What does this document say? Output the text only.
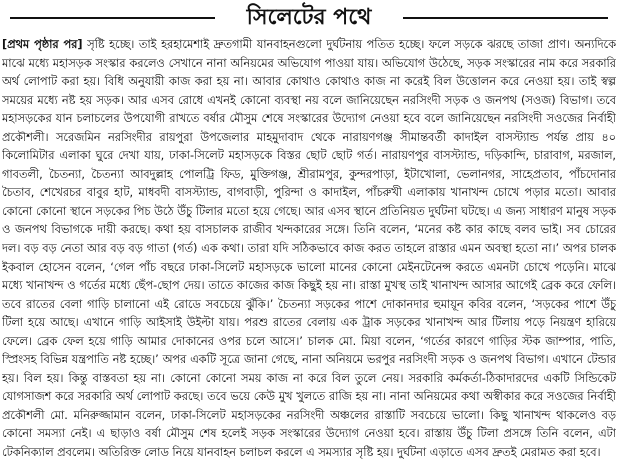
সিলেটের পথে
[প্রথম পৃষ্ঠার পর] সৃষ্টি হচ্ছে। তাই হরহামেশাই দ্রুতগামী যানবাহনগুলো দুর্ঘটনায় পতিত হচ্ছে। ফলে সড়কে ঝরছে তাজা প্রাণ। অন্যদিকে মাঝে মধ্যে মহাসড়ক সংস্কার করলেও সেখানে নানা অনিয়মের অভিযোগ পাওয়া যায়। অভিযোগ উঠেছে, সড়ক সংস্কারের নাম করে সরকারি অর্থ লোপাট করা হয়। বিধি অনুযায়ী কাজ করা হয় না। আবার কোথাও কোথাও কাজ না করেই বিল উত্তোলন করে নেওয়া হয়। তাই স্বল্প সময়ের মধ্যে নষ্ট হয় সড়ক। আর এসব রোধে এখনই কোনো ব্যবস্থা নয় বলে জানিয়েছেন নরসিংদী সড়ক ও জনপথ (সওজ) বিভাগ। তবে মহাসড়কের যান চলাচলের উপযোগী রাখতে বর্ষার মৌসুম শেষে সংস্কারের উদ্যোগ নেওয়া হবে বলে জানিয়েছেন নরসিংদী সওজের নির্বাহী প্রকৌশলী। সরেজমিন নরসিংদীর রায়পুরা উপজেলার মাহমুদাবাদ থেকে নারায়ণগঞ্জ সীমান্তবর্তী কাদাইল বাসস্ট্যান্ড পর্যন্ত প্রায় ৪০ কিলোমিটার এলাকা ঘুরে দেখা যায়, ঢাকা-সিলেট মহাসড়কে বিস্তর ছোট ছোট গর্ত। নারায়ণপুর বাসস্ট্যান্ড, দড়িকান্দি, চারাবাগ, মরজাল, গাবতলী, চৈতন্যা, চৈতন্যা আবদুল্লাহ পোলট্রি ফিড, মুক্তিগঞ্জ, শ্রীরামপুর, কুন্দরপাড়া, ইটাখোলা, ভেলানগর, সাহেপ্রতাব, পাঁচদোনার চৈতাব, শেখেরচর বাবুর হাট, মাধবদী বাসস্ট্যান্ড, বাগবাড়ী, পুরিন্দা ও কাদাইল, পাঁচরুখী এলাকায় খানাখন্দ চোখে পড়ার মতো। আবার কোনো কোনো স্থানে সড়কের পিচ উঠে উঁচু টিলার মতো হয়ে গেছে। আর এসব স্থানে প্রতিনিয়ত দুর্ঘটনা ঘটছে। এ জন্য সাধারণ মানুষ সড়ক ও জনপথ বিভাগকে দায়ী করছে। কথা হয় বাসচালক রাজীব খন্দকারের সঙ্গে। তিনি বলেন, ‘মনের কষ্ট কার কাছে বলব ভাই। সব চোরের দল। বড় বড় নেতা আর বড় বড় গাতা (গর্ত) এক কথা। তারা যদি সঠিকভাবে কাজ করত তাহলে রাস্তার এমন অবস্থা হতো না।’ অপর চালক ইকবাল হোসেন বলেন, ‘গেল পাঁচ বছরে ঢাকা-সিলেট মহাসড়কে ভালো মানের কোনো মেইনটেনেন্স করতে এমনটা চোখে পড়েনি। মাঝে মধ্যে খানাখন্দ ও গর্তের মধ্যে ছেঁপ-ছোপ দেয়। তাতে কাজের কাজ কিছুই হয় না। রাস্তা মুখস্থ তাই খানাখন্দ আসার আগেই ব্রেক করে ফেলি। তবে রাতের বেলা গাড়ি চালানো এই রোডে সবচেয়ে ঝুঁকি।’ চৈতন্যা সড়কের পাশে দোকানদার হুমায়ূন কবির বলেন, ‘সড়কের পাশে উঁচু টিলা হয়ে আছে। এখানে গাড়ি আইসাই উইল্টা যায়। পরশু রাতের বেলায় এক ট্রাক সড়কের খানাখন্দ আর টিলায় পড়ে নিয়ন্ত্রণ হারিয়ে ফেলে। ব্রেক ফেল হয়ে গাড়ি আমার দোকানের ওপর চলে আসে।’ চালক মো. মিয়া বলেন, ‘গর্তের কারণে গাড়ির স্টক জাম্পার, পাতি, স্প্রিংসহ বিভিন্ন যন্ত্রপাতি নষ্ট হচ্ছে।’ অপর একটি সূত্রে জানা গেছে, নানা অনিয়মে ভরপুর নরসিংদী সড়ক ও জনপথ বিভাগ। এখানে টেন্ডার হয়। বিল হয়। কিন্তু বাস্তবতা হয় না। কোনো কোনো সময় কাজ না করে বিল তুলে নেয়। সরকারি কর্মকর্তা-ঠিকাদারদের একটি সিন্ডিকেট যোগসাজশ করে সরকারি অর্থ লোপাট করছে। তবে ভয়ে কেউ মুখ খুলতে রাজি হয় না। নানা অনিয়মের কথা অস্বীকার করে সওজের নির্বাহী প্রকৌশলী মো. মনিরুজ্জামান বলেন, ঢাকা-সিলেট মহাসড়কের নরসিংদী অঞ্চলের রাস্তাটি সবচেয়ে ভালো। কিছু খানাখন্দ থাকলেও বড় কোনো সমস্যা নেই। এ ছাড়াও বর্ষা মৌসুম শেষ হলেই সড়ক সংস্কারের উদ্যোগ নেওয়া হবে। রাস্তায় উঁচু টিলা প্রসঙ্গে তিনি বলেন, এটা টেকনিক্যাল প্রবলেম। অতিরিক্ত লোড নিয়ে যানবাহন চলাচল করলে এ সমস্যার সৃষ্টি হয়। দুর্ঘটনা এড়াতে এসব দ্রুতই মেরামত করা হবে।
